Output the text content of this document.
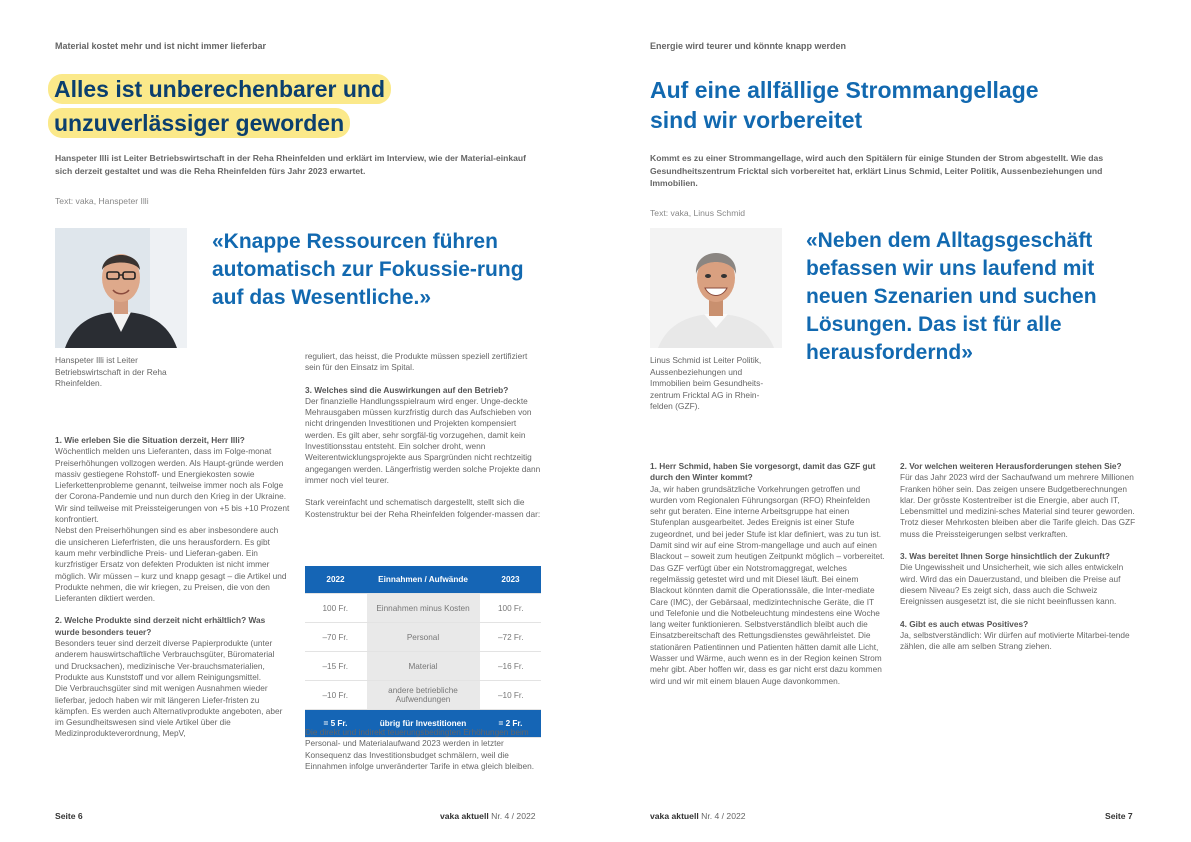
Material kostet mehr und ist nicht immer lieferbar
Alles ist unberechenbarer und
unzuverlässiger geworden
Hanspeter Illi ist Leiter Betriebswirtschaft in der Reha Rheinfelden und erklärt im Interview, wie der Material-einkauf sich derzeit gestaltet und was die Reha Rheinfelden fürs Jahr 2023 erwartet.
Text: vaka, Hanspeter Illi
«Knappe Ressourcen führen automatisch zur Fokussie-rung auf das Wesentliche.»
Hanspeter Illi ist Leiter Betriebswirtschaft in der Reha Rheinfelden.

1. Wie erleben Sie die Situation derzeit, Herr Illi?

Wöchentlich melden uns Lieferanten, dass im Folge-monat Preiserhöhungen vollzogen werden. Als Haupt-gründe werden massiv gestiegene Rohstoff- und Energiekosten sowie Lieferkettenprobleme genannt, teilweise immer noch als Folge der Corona-Pandemie und nun durch den Krieg in der Ukraine. Wir sind teilweise mit Preissteigerungen von +5 bis +10 Prozent konfrontiert.

Nebst den Preiserhöhungen sind es aber insbesondere auch die unsicheren Lieferfristen, die uns herausfordern. Es gibt kaum mehr verbindliche Preis- und Lieferan-gaben. Ein kurzfristiger Ersatz von defekten Produkten ist nicht immer möglich. Wir müssen – kurz und knapp gesagt – die Artikel und Produkte nehmen, die wir kriegen, zu Preisen, die von den Lieferanten diktiert werden.

2. Welche Produkte sind derzeit nicht erhältlich? Was wurde besonders teuer?

Besonders teuer sind derzeit diverse Papierprodukte (unter anderem hauswirtschaftliche Verbrauchsgüter, Büromaterial und Drucksachen), medizinische Ver-brauchsmaterialien, Produkte aus Kunststoff und vor allem Reinigungsmittel.

Die Verbrauchsgüter sind mit wenigen Ausnahmen wieder lieferbar, jedoch haben wir mit längeren Liefer-fristen zu kämpfen. Es werden auch Alternativprodukte angeboten, aber im Gesundheitswesen sind viele Artikel über die Medizinprodukteverordnung, MepV,

reguliert, das heisst, die Produkte müssen speziell zertifiziert sein für den Einsatz im Spital.

3. Welches sind die Auswirkungen auf den Betrieb?

Der finanzielle Handlungsspielraum wird enger. Unge-deckte Mehrausgaben müssen kurzfristig durch das Aufschieben von nicht dringenden Investitionen und Projekten kompensiert werden. Es gilt aber, sehr sorgfäl-tig vorzugehen, damit kein Investitionsstau entsteht. Ein solcher droht, wenn Weiterentwicklungsprojekte aus Spargründen nicht rechtzeitig angegangen werden. Längerfristig werden solche Projekte dann immer noch viel teurer.

Stark vereinfacht und schematisch dargestellt, stellt sich die Kostenstruktur bei der Reha Rheinfelden folgender-massen dar:

2022	Einnahmen / Aufwände	2023
100 Fr.	Einnahmen minus Kosten	100 Fr.
–70 Fr.	Personal	–72 Fr.
–15 Fr.	Material	–16 Fr.
–10 Fr.	andere betriebliche Aufwendungen	–10 Fr.
= 5 Fr.	übrig für Investitionen	= 2 Fr.
Die direkt und indirekt teuerungsbedingten Erhöhungen beim Personal- und Materialaufwand 2023 werden in letzter Konsequenz das Investitionsbudget schmälern, weil die Einnahmen infolge unveränderter Tarife in etwa gleich bleiben.
Seite 6	vaka aktuell Nr. 4 / 2022
Energie wird teurer und könnte knapp werden
Auf eine allfällige Strommangellage
sind wir vorbereitet
Kommt es zu einer Strommangellage, wird auch den Spitälern für einige Stunden der Strom abgestellt. Wie das Gesundheitszentrum Fricktal sich vorbereitet hat, erklärt Linus Schmid, Leiter Politik, Aussenbeziehungen und Immobilien.
Text: vaka, Linus Schmid
«Neben dem Alltagsgeschäft befassen wir uns laufend mit neuen Szenarien und suchen Lösungen. Das ist für alle herausfordernd»
Linus Schmid ist Leiter Politik, Aussenbeziehungen und Immobilien beim Gesundheits-zentrum Fricktal AG in Rhein-felden (GZF).

1. Herr Schmid, haben Sie vorgesorgt, damit das GZF gut durch den Winter kommt?

Ja, wir haben grundsätzliche Vorkehrungen getroffen und wurden vom Regionalen Führungsorgan (RFO) Rheinfelden sehr gut beraten. Eine interne Arbeitsgruppe hat einen Stufenplan ausgearbeitet. Jedes Ereignis ist einer Stufe zugeordnet, und bei jeder Stufe ist klar definiert, was zu tun ist. Damit sind wir auf eine Strom-mangellage und auch auf einen Blackout – soweit zum heutigen Zeitpunkt möglich – vorbereitet.

Das GZF verfügt über ein Notstromaggregat, welches regelmässig getestet wird und mit Diesel läuft. Bei einem Blackout könnten damit die Operationssäle, die Inter-mediate Care (IMC), der Gebärsaal, medizintechnische Geräte, die IT und Telefonie und die Notbeleuchtung mindestens eine Woche lang weiter funktionieren. Selbstverständlich bleibt auch die Einsatzbereitschaft des Rettungsdienstes gewährleistet. Die stationären Patientinnen und Patienten hätten damit alle Licht, Wasser und Wärme, auch wenn es in der Region keinen Strom mehr gibt. Aber hoffen wir, dass es gar nicht erst dazu kommen wird und wir mit einem blauen Auge davonkommen.

2. Vor welchen weiteren Herausforderungen stehen Sie?

Für das Jahr 2023 wird der Sachaufwand um mehrere Millionen Franken höher sein. Das zeigen unsere Budgetberechnungen klar. Der grösste Kostentreiber ist die Energie, aber auch IT, Lebensmittel und medizini-sches Material sind teurer geworden. Trotz dieser Mehrkosten bleiben aber die Tarife gleich. Das GZF muss die Preissteigerungen selbst verkraften.

3. Was bereitet Ihnen Sorge hinsichtlich der Zukunft?

Die Ungewissheit und Unsicherheit, wie sich alles entwickeln wird. Wird das ein Dauerzustand, und bleiben die Preise auf diesem Niveau? Es zeigt sich, dass auch die Schweiz Ereignissen ausgesetzt ist, die sie nicht beeinflussen kann.

4. Gibt es auch etwas Positives?

Ja, selbstverständlich: Wir dürfen auf motivierte Mitarbei-tende zählen, die alle am selben Strang ziehen.

vaka aktuell Nr. 4 / 2022	Seite 7
